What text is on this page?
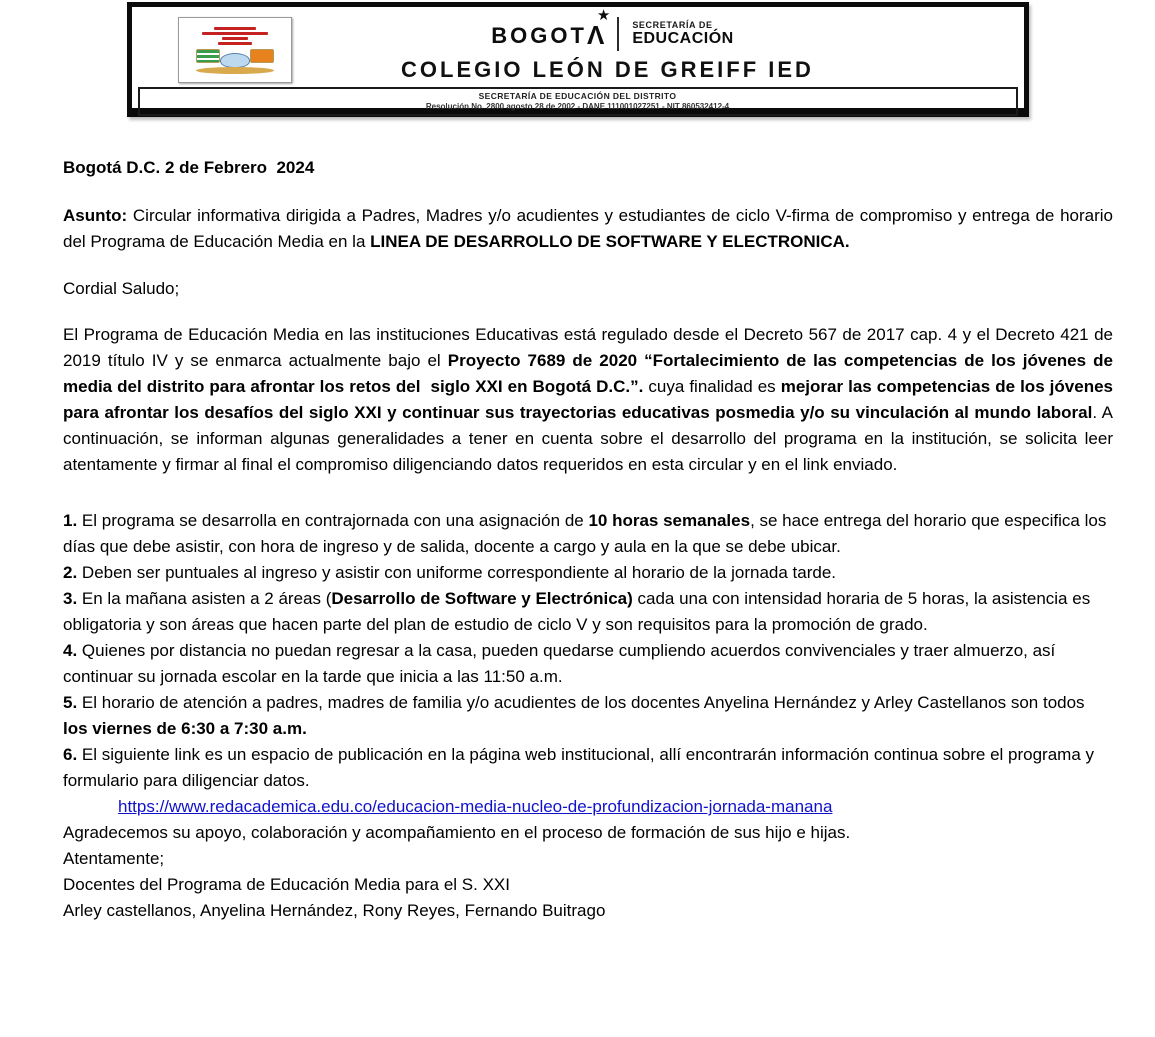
BOGOT Λ
★
SECRETARÍA DE
EDUCACIÓN
COLEGIO LEÓN DE GREIFF IED
SECRETARÍA DE EDUCACIÓN DEL DISTRITO
Resolución No. 2800 agosto 28 de 2002 - DANE 111001027251 - NIT 860532412-4

Bogotá D.C. 2 de Febrero  2024

Asunto: Circular informativa dirigida a Padres, Madres y/o acudientes y estudiantes de ciclo V-firma de compromiso y entrega de horario del Programa de Educación Media en la LINEA DE DESARROLLO DE SOFTWARE Y ELECTRONICA.

Cordial Saludo;

El Programa de Educación Media en las instituciones Educativas está regulado desde el Decreto 567 de 2017 cap. 4 y el Decreto 421 de 2019 título IV y se enmarca actualmente bajo el Proyecto 7689 de 2020 “Fortalecimiento de las competencias de los jóvenes de media del distrito para afrontar los retos del  siglo XXI en Bogotá D.C.”. cuya finalidad es mejorar las competencias de los jóvenes para afrontar los desafíos del siglo XXI y continuar sus trayectorias educativas posmedia y/o su vinculación al mundo laboral. A continuación, se informan algunas generalidades a tener en cuenta sobre el desarrollo del programa en la institución, se solicita leer atentamente y firmar al final el compromiso diligenciando datos requeridos en esta circular y en el link enviado.

1. El programa se desarrolla en contrajornada con una asignación de 10 horas semanales, se hace entrega del horario que especifica los días que debe asistir, con hora de ingreso y de salida, docente a cargo y aula en la que se debe ubicar.

2. Deben ser puntuales al ingreso y asistir con uniforme correspondiente al horario de la jornada tarde.

3. En la mañana asisten a 2 áreas (Desarrollo de Software y Electrónica) cada una con intensidad horaria de 5 horas, la asistencia es obligatoria y son áreas que hacen parte del plan de estudio de ciclo V y son requisitos para la promoción de grado.

4. Quienes por distancia no puedan regresar a la casa, pueden quedarse cumpliendo acuerdos convivenciales y traer almuerzo, así continuar su jornada escolar en la tarde que inicia a las 11:50 a.m.

5. El horario de atención a padres, madres de familia y/o acudientes de los docentes Anyelina Hernández y Arley Castellanos son todos los viernes de 6:30 a 7:30 a.m.

6. El siguiente link es un espacio de publicación en la página web institucional, allí encontrarán información continua sobre el programa y formulario para diligenciar datos.

https://www.redacademica.edu.co/educacion-media-nucleo-de-profundizacion-jornada-manana

Agradecemos su apoyo, colaboración y acompañamiento en el proceso de formación de sus hijo e hijas.

Atentamente;

Docentes del Programa de Educación Media para el S. XXI

Arley castellanos, Anyelina Hernández, Rony Reyes, Fernando Buitrago
